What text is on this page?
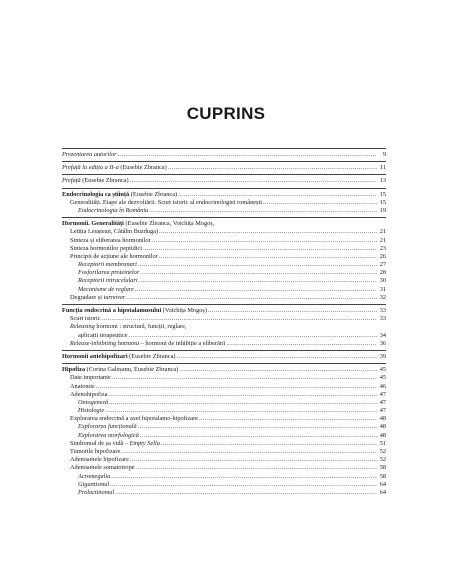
CUPRINS
Prezentarea autorilor . . .	9
Prefață la ediția a II-a (Eusebie Zbranca) . . .	11
Prefață (Eusebie Zbranca) . . .	13
Endocrinologia ca știință (Eusebie Zbranca) . . .	15
Generalități. Etape ale dezvoltării. Scurt istoric al endocrinologiei românești . . .	15
Endocrinologia în România . . .	19
Hormonii. Generalități (Eusebie Zbranca, Voichița Mogoș,
Letiția Leuștean, Cătălin Buzduga) . . .	21
Sinteza și eliberarea hormonilor . . .	21
Sinteza hormonilor peptidici . . .	23
Principii de acțiune ale hormonilor . . .	26
Receptorii membranari . . .	27
Fosforilarea proteinelor . . .	28
Receptorii intracelulari . . .	30
Mecanisme de reglare . . .	31
Degradare și turnover . . .	32
Funcția endocrină a hipotalamusului (Voichița Mogoș) . . .	33
Scurt istoric . . .	33
Releasing hormoni : structură, funcții, reglare,
aplicații terapeutice . . .	34
Release-inhibiting hormoni – hormoni de inhibiție a eliberării . . .	36
Hormonii antehipofizari (Eusebie Zbranca) . . .	39
Hipofiza (Corina Galeșanu, Eusebie Zbranca) . . .	45
Date importante . . .	45
Anatomie . . .	46
Adenohipofiza . . .	47
Ontogeneză . . .	47
Histologie . . .	47
Explorarea endocrină a axei hipotalamo-hipofizare . . .	48
Explorarea funcțională . . .	48
Explorarea morfologică . . .	48
Sindromul de șa vidă – Empty Sella . . .	51
Tumorile hipofizare . . .	52
Adenoamele hipofizare . . .	52
Adenoamele somatotrope . . .	58
Acromegalia . . .	58
Gigantismul . . .	64
Prolactinomul . . .	64
